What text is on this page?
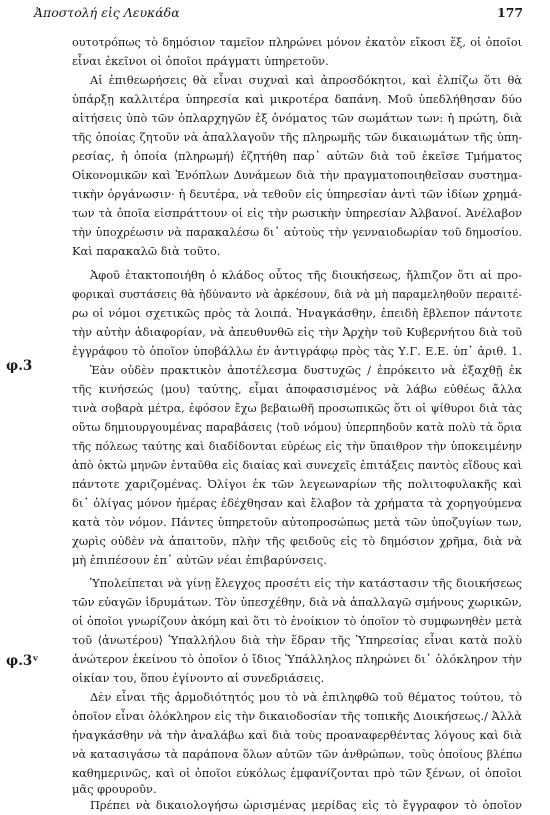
Ἀποστολή εἰς Λευκάδα	177
φ.3
φ.3ᵛ
ουτοτρόπως τὸ δημόσιον ταμεῖον πληρώνει μόνον ἑκατὸν εἴκοσι ἕξ, οἱ ὁποῖοι
εἶναι ἐκεῖνοι οἱ ὁποῖοι πράγματι ὑπηρετοῦν.
Αἱ ἐπιθεωρήσεις θὰ εἶναι συχναὶ καὶ ἀπροσδόκητοι, καὶ ἐλπίζω ὅτι θὰ
ὑπάρξῃ καλλιτέρα ὑπηρεσία καὶ μικροτέρα δαπάνη. Μοῦ ὑπεδλήθησαν δύο
αἰτήσεις ὑπὸ τῶν ὁπλαρχηγῶν ἐξ ὀνόματος τῶν σωμάτων των: ἡ πρώτη, διὰ
τῆς ὁποίας ζητοῦν νὰ ἀπαλλαγοῦν τῆς πληρωμῆς τῶν δικαιωμάτων τῆς ὑπη-
ρεσίας, ἡ ὁποία ⟨πληρωμή⟩ ἐζητήθη παρ᾽ αὐτῶν διὰ τοῦ ἐκεῖσε Τμήματος
Οἰκονομικῶν καὶ Ἐνόπλων Δυνάμεων διὰ τὴν πραγματοποιηθεῖσαν συστημα-
τικὴν ὀργάνωσιν· ἡ δευτέρα, νὰ τεθοῦν εἰς ὑπηρεσίαν ἀντὶ τῶν ἰδίων χρημά-
των τὰ ὁποῖα εἰσπράττουν οἱ εἰς τὴν ρωσικὴν ὑπηρεσίαν Ἀλβανοί. Ἀνέλαβον
τὴν ὑποχρέωσιν νὰ παρακαλέσω δι᾽ αὐτοὺς τὴν γενναιοδωρίαν τοῦ δημοσίου.
Καὶ παρακαλῶ διὰ τοῦτο.
Ἀφοῦ ἐτακτοποιήθη ὁ κλάδος οὗτος τῆς διοικήσεως, ἤλπιζον ὅτι αἱ προ-
φορικαὶ συστάσεις θὰ ἠδύναντο νὰ ἀρκέσουν, διὰ νὰ μὴ παραμεληθοῦν περαιτέ-
ρω οἱ νόμοι σχετικῶς πρὸς τὰ λοιπά. Ἠναγκάσθην, ἐπειδὴ ἔβλεπον πάντοτε
τὴν αὐτὴν ἀδιαφορίαν, νὰ ἀπευθυνθῶ εἰς τὴν Ἀρχὴν τοῦ Κυβερνήτου διὰ τοῦ
ἐγγράφου τὸ ὁποῖον ὑποβάλλω ἐν ἀντιγράφῳ πρὸς τὰς Υ.Γ. Ε.Ε. ὑπ᾽ ἀριθ. 1.
Ἐὰν οὐδὲν πρακτικὸν ἀποτέλεσμα δυστυχῶς / ἐπρόκειτο νὰ ἐξαχθῇ ἐκ
τῆς κινήσεώς ⟨μου⟩ ταύτης, εἶμαι ἀποφασισμένος νὰ λάβω εὐθέως ἄλλα
τινὰ σοβαρὰ μέτρα, ἐφόσον ἔχω βεβαιωθῆ προσωπικῶς ὅτι οἱ ψίθυροι διὰ τὰς
οὕτω δημιουργουμένας παραβάσεις ⟨τοῦ νόμου⟩ ὑπερπηδοῦν κατὰ πολὺ τὰ ὅρια
τῆς πόλεως ταύτης καὶ διαδίδονται εὐρέως εἰς τὴν ὕπαιθρον τὴν ὑποκειμένην
ἀπὸ ὀκτὼ μηνῶν ἐνταῦθα εἰς διαίας καὶ συνεχεῖς ἐπιτάξεις παντὸς εἴδους καὶ
πάντοτε χαριζομένας. Ὀλίγοι ἐκ τῶν λεγεωναρίων τῆς πολιτοφυλακῆς καὶ
δι᾽ ὀλίγας μόνον ἡμέρας ἐδέχθησαν καὶ ἔλαβον τὰ χρήματα τὰ χορηγούμενα
κατὰ τὸν νόμον. Πάντες ὑπηρετοῦν αὐτοπροσώπως μετὰ τῶν ὑποζυγίων των,
χωρὶς οὐδὲν νὰ ἀπαιτοῦν, πλὴν τῆς φειδοῦς εἰς τὸ δημόσιον χρῆμα, διὰ νὰ
μὴ ἐπιπέσουν ἐπ᾽ αὐτῶν νέαι ἐπιβαρύνσεις.
Ὑπολείπεται νὰ γίνῃ ἔλεγχος προσέτι εἰς τὴν κατάστασιν τῆς διοικήσεως
τῶν εὐαγῶν ἱδρυμάτων. Τὸν ὑπεσχέθην, διὰ νὰ ἀπαλλαγῶ σμήνους χωρικῶν,
οἱ ὁποῖοι γνωρίζουν ἀκόμη καὶ ὅτι τὸ ἐνοίκιον τὸ ὁποῖον τὸ συμφωνηθὲν μετὰ
τοῦ ⟨ἀνωτέρου⟩ Ὑπαλλήλου διὰ τὴν ἕδραν τῆς Ὑπηρεσίας εἶναι κατὰ πολὺ
ἀνώτερον ἐκείνου τὸ ὁποῖον ὁ ἴδιος Ὑπάλληλος πληρώνει δι᾽ ὁλόκληρον τὴν
οἰκίαν του, ὅπου ἐγίνοντο αἱ συνεδριάσεις.
Δὲν εἶναι τῆς ἁρμοδιότητός μου τὸ νὰ ἐπιληφθῶ τοῦ θέματος τούτου, τὸ
ὁποῖον εἶναι ὁλόκληρον εἰς τὴν δικαιοδοσίαν τῆς τοπικῆς Διοικήσεως./ Ἀλλὰ
ἠναγκάσθην νὰ τὴν ἀναλάβω καὶ διὰ τοὺς προαναφερθέντας λόγους καὶ διὰ
νὰ κατασιγάσω τὰ παράπονα ὅλων αὐτῶν τῶν ἀνθρώπων, τοὺς ὁποίους βλέπω
καθημερινῶς, καὶ οἱ ὁποῖοι εὐκόλως ἐμφανίζονται πρὸ τῶν ξένων, οἱ ὁποῖοι
μᾶς φρουροῦν.
Πρέπει νὰ δικαιολογήσω ὡρισμένας μερίδας εἰς τὸ ἔγγραφον τὸ ὁποῖον
